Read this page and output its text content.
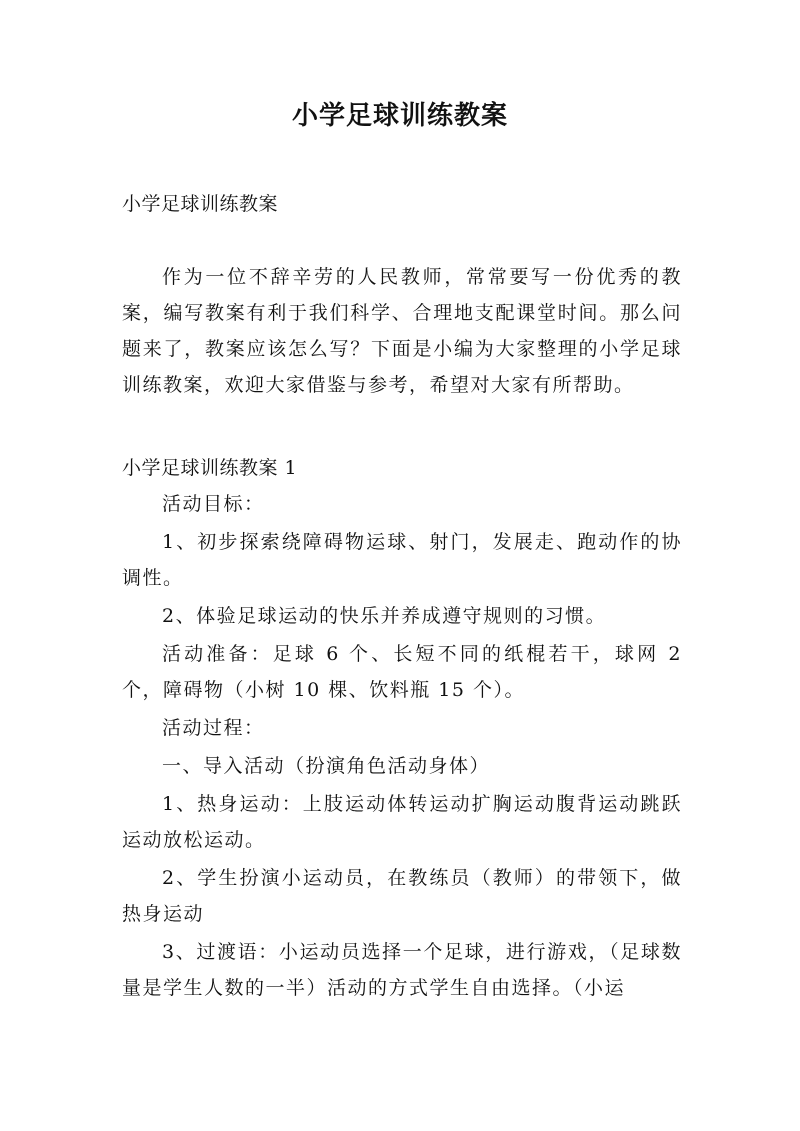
小学足球训练教案

小学足球训练教案

作为一位不辞辛劳的人民教师，常常要写一份优秀的教案，编写教案有利于我们科学、合理地支配课堂时间。那么问题来了，教案应该怎么写？下面是小编为大家整理的小学足球训练教案，欢迎大家借鉴与参考，希望对大家有所帮助。

小学足球训练教案 1

活动目标：

1、初步探索绕障碍物运球、射门，发展走、跑动作的协调性。

2、体验足球运动的快乐并养成遵守规则的习惯。

活动准备：足球 6 个、长短不同的纸棍若干，球网 2 个，障碍物（小树 10 棵、饮料瓶 15 个）。

活动过程：

一、导入活动（扮演角色活动身体）

1、热身运动：上肢运动体转运动扩胸运动腹背运动跳跃运动放松运动。

2、学生扮演小运动员，在教练员（教师）的带领下，做热身运动

3、过渡语：小运动员选择一个足球，进行游戏，（足球数量是学生人数的一半）活动的方式学生自由选择。（小运
